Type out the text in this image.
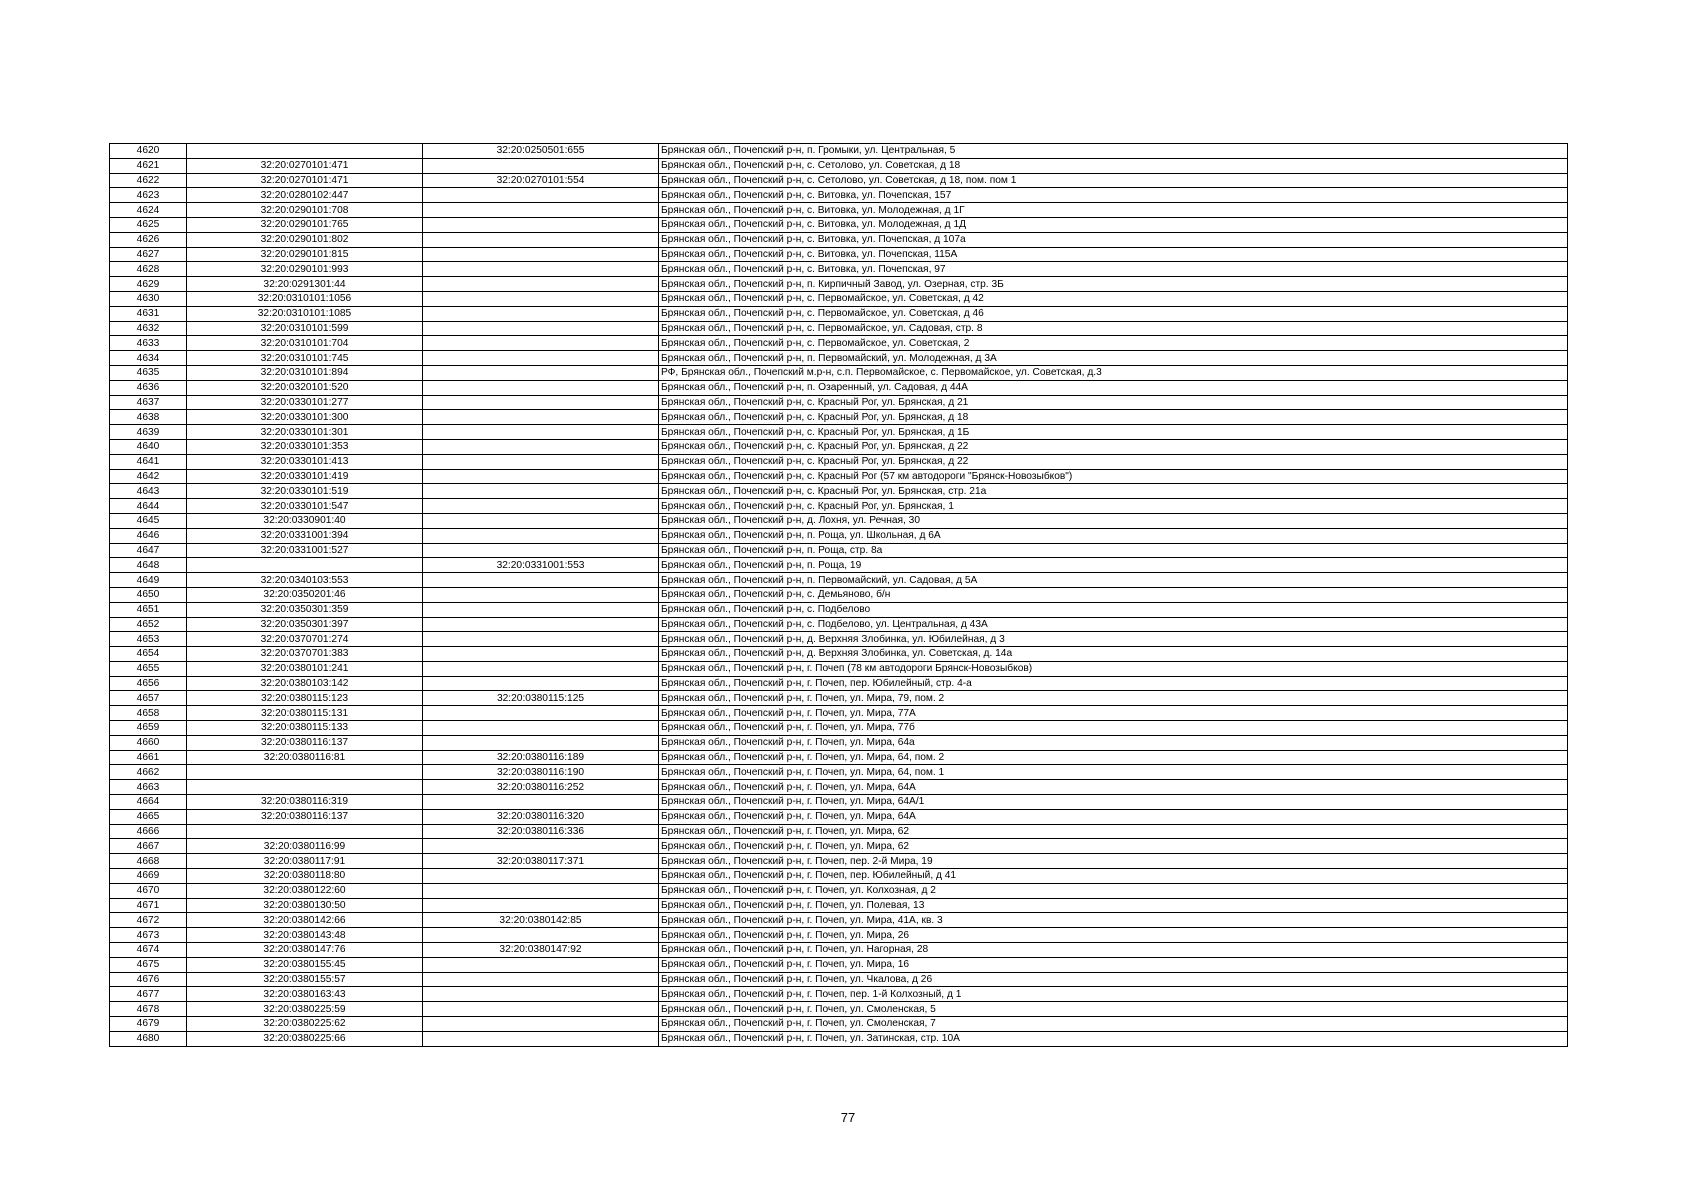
4620		32:20:0250501:655	Брянская обл., Почепский р-н, п. Громыки, ул. Центральная, 5
4621	32:20:0270101:471		Брянская обл., Почепский р-н, с. Сетолово, ул. Советская, д 18
4622	32:20:0270101:471	32:20:0270101:554	Брянская обл., Почепский р-н, с. Сетолово, ул. Советская, д 18, пом. пом 1
4623	32:20:0280102:447		Брянская обл., Почепский р-н, с. Витовка, ул. Почепская, 157
4624	32:20:0290101:708		Брянская обл., Почепский р-н, с. Витовка, ул. Молодежная, д 1Г
4625	32:20:0290101:765		Брянская обл., Почепский р-н, с. Витовка, ул. Молодежная, д 1Д
4626	32:20:0290101:802		Брянская обл., Почепский р-н, с. Витовка, ул. Почепская, д 107а
4627	32:20:0290101:815		Брянская обл., Почепский р-н, с. Витовка, ул. Почепская, 115А
4628	32:20:0290101:993		Брянская обл., Почепский р-н, с. Витовка, ул. Почепская, 97
4629	32:20:0291301:44		Брянская обл., Почепский р-н, п. Кирпичный Завод, ул. Озерная, стр. 3Б
4630	32:20:0310101:1056		Брянская обл., Почепский р-н, с. Первомайское, ул. Советская, д 42
4631	32:20:0310101:1085		Брянская обл., Почепский р-н, с. Первомайское, ул. Советская, д 46
4632	32:20:0310101:599		Брянская обл., Почепский р-н, с. Первомайское, ул. Садовая, стр. 8
4633	32:20:0310101:704		Брянская обл., Почепский р-н, с. Первомайское, ул. Советская, 2
4634	32:20:0310101:745		Брянская обл., Почепский р-н, п. Первомайский, ул. Молодежная, д 3А
4635	32:20:0310101:894		РФ, Брянская обл., Почепский м.р-н, с.п. Первомайское, с. Первомайское, ул. Советская, д.3
4636	32:20:0320101:520		Брянская обл., Почепский р-н, п. Озаренный, ул. Садовая, д 44А
4637	32:20:0330101:277		Брянская обл., Почепский р-н, с. Красный Рог, ул. Брянская, д 21
4638	32:20:0330101:300		Брянская обл., Почепский р-н, с. Красный Рог, ул. Брянская, д 18
4639	32:20:0330101:301		Брянская обл., Почепский р-н, с. Красный Рог, ул. Брянская, д 1Б
4640	32:20:0330101:353		Брянская обл., Почепский р-н, с. Красный Рог, ул. Брянская, д 22
4641	32:20:0330101:413		Брянская обл., Почепский р-н, с. Красный Рог, ул. Брянская, д 22
4642	32:20:0330101:419		Брянская обл., Почепский р-н, с. Красный Рог (57 км автодороги "Брянск-Новозыбков")
4643	32:20:0330101:519		Брянская обл., Почепский р-н, с. Красный Рог, ул. Брянская, стр. 21а
4644	32:20:0330101:547		Брянская обл., Почепский р-н, с. Красный Рог, ул. Брянская, 1
4645	32:20:0330901:40		Брянская обл., Почепский р-н, д. Лохня, ул. Речная, 30
4646	32:20:0331001:394		Брянская обл., Почепский р-н, п. Роща, ул. Школьная, д 6А
4647	32:20:0331001:527		Брянская обл., Почепский р-н, п. Роща, стр. 8а
4648		32:20:0331001:553	Брянская обл., Почепский р-н, п. Роща, 19
4649	32:20:0340103:553		Брянская обл., Почепский р-н, п. Первомайский, ул. Садовая, д 5А
4650	32:20:0350201:46		Брянская обл., Почепский р-н, с. Демьяново, б/н
4651	32:20:0350301:359		Брянская обл., Почепский р-н, с. Подбелово
4652	32:20:0350301:397		Брянская обл., Почепский р-н, с. Подбелово, ул. Центральная, д 43А
4653	32:20:0370701:274		Брянская обл., Почепский р-н, д. Верхняя Злобинка, ул. Юбилейная, д 3
4654	32:20:0370701:383		Брянская обл., Почепский р-н, д. Верхняя Злобинка, ул. Советская, д. 14а
4655	32:20:0380101:241		Брянская обл., Почепский р-н, г. Почеп (78 км автодороги Брянск-Новозыбков)
4656	32:20:0380103:142		Брянская обл., Почепский р-н, г. Почеп, пер. Юбилейный, стр. 4-а
4657	32:20:0380115:123	32:20:0380115:125	Брянская обл., Почепский р-н, г. Почеп, ул. Мира, 79, пом. 2
4658	32:20:0380115:131		Брянская обл., Почепский р-н, г. Почеп, ул. Мира, 77А
4659	32:20:0380115:133		Брянская обл., Почепский р-н, г. Почеп, ул. Мира, 77б
4660	32:20:0380116:137		Брянская обл., Почепский р-н, г. Почеп, ул. Мира, 64а
4661	32:20:0380116:81	32:20:0380116:189	Брянская обл., Почепский р-н, г. Почеп, ул. Мира, 64, пом. 2
4662		32:20:0380116:190	Брянская обл., Почепский р-н, г. Почеп, ул. Мира, 64, пом. 1
4663		32:20:0380116:252	Брянская обл., Почепский р-н, г. Почеп, ул. Мира, 64А
4664	32:20:0380116:319		Брянская обл., Почепский р-н, г. Почеп, ул. Мира, 64А/1
4665	32:20:0380116:137	32:20:0380116:320	Брянская обл., Почепский р-н, г. Почеп, ул. Мира, 64А
4666		32:20:0380116:336	Брянская обл., Почепский р-н, г. Почеп, ул. Мира, 62
4667	32:20:0380116:99		Брянская обл., Почепский р-н, г. Почеп, ул. Мира, 62
4668	32:20:0380117:91	32:20:0380117:371	Брянская обл., Почепский р-н, г. Почеп, пер. 2-й Мира, 19
4669	32:20:0380118:80		Брянская обл., Почепский р-н, г. Почеп, пер. Юбилейный, д 41
4670	32:20:0380122:60		Брянская обл., Почепский р-н, г. Почеп, ул. Колхозная, д 2
4671	32:20:0380130:50		Брянская обл., Почепский р-н, г. Почеп, ул. Полевая, 13
4672	32:20:0380142:66	32:20:0380142:85	Брянская обл., Почепский р-н, г. Почеп, ул. Мира, 41А, кв. 3
4673	32:20:0380143:48		Брянская обл., Почепский р-н, г. Почеп, ул. Мира, 26
4674	32:20:0380147:76	32:20:0380147:92	Брянская обл., Почепский р-н, г. Почеп, ул. Нагорная, 28
4675	32:20:0380155:45		Брянская обл., Почепский р-н, г. Почеп, ул. Мира, 16
4676	32:20:0380155:57		Брянская обл., Почепский р-н, г. Почеп, ул. Чкалова, д 26
4677	32:20:0380163:43		Брянская обл., Почепский р-н, г. Почеп, пер. 1-й Колхозный, д 1
4678	32:20:0380225:59		Брянская обл., Почепский р-н, г. Почеп, ул. Смоленская, 5
4679	32:20:0380225:62		Брянская обл., Почепский р-н, г. Почеп, ул. Смоленская, 7
4680	32:20:0380225:66		Брянская обл., Почепский р-н, г. Почеп, ул. Затинская, стр. 10А
77
